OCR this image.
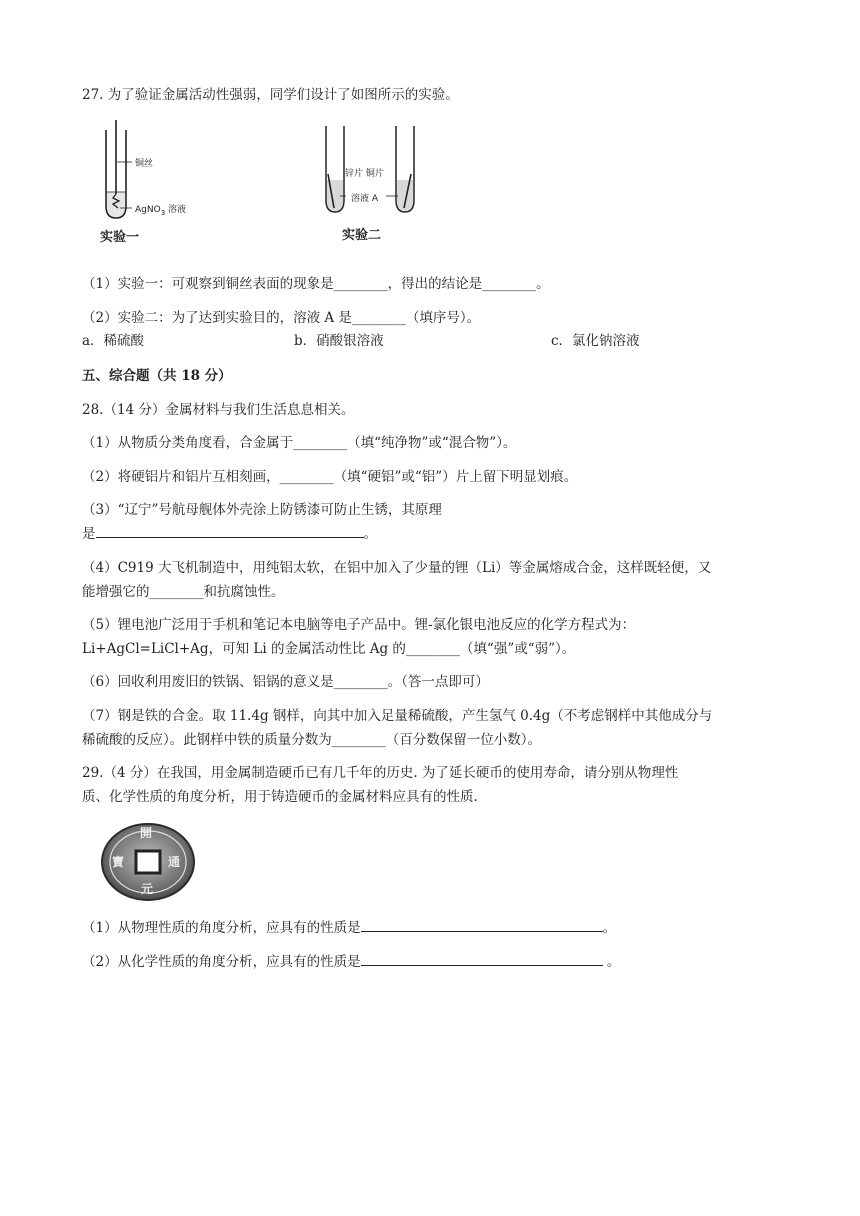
27. 为了验证金属活动性强弱，同学们设计了如图所示的实验。
铜丝
AgNO$_3$ 溶液
实验一
锌片 铜片
溶液 A
实验二
（1）实验一：可观察到铜丝表面的现象是________，得出的结论是________。
（2）实验二：为了达到实验目的，溶液 A 是________（填序号）。
a．稀硫酸	b．硝酸银溶液	c．氯化钠溶液
五、综合题（共 18 分）
28.（14 分）金属材料与我们生活息息相关。
（1）从物质分类角度看，合金属于________（填“纯净物”或“混合物”）。
（2）将硬铝片和铝片互相刻画，________（填“硬铝”或“铝”）片上留下明显划痕。
（3）“辽宁”号航母舰体外壳涂上防锈漆可防止生锈，其原理
是	。
（4）C919 大飞机制造中，用纯铝太软，在铝中加入了少量的锂（Li）等金属熔成合金，这样既轻便，又
能增强它的________和抗腐蚀性。
（5）锂电池广泛用于手机和笔记本电脑等电子产品中。锂-氯化银电池反应的化学方程式为：
Li+AgCl=LiCl+Ag，可知 Li 的金属活动性比 Ag 的________（填“强”或“弱”）。
（6）回收利用废旧的铁锅、铝锅的意义是________。（答一点即可）
（7）钢是铁的合金。取 11.4g 钢样，向其中加入足量稀硫酸，产生氢气 0.4g（不考虑钢样中其他成分与
稀硫酸的反应）。此钢样中铁的质量分数为________（百分数保留一位小数）。
29.（4 分）在我国，用金属制造硬币已有几千年的历史. 为了延长硬币的使用寿命，请分别从物理性
质、化学性质的角度分析，用于铸造硬币的金属材料应具有的性质.
開
通
元
寶
（1）从物理性质的角度分析，应具有的性质是	。
（2）从化学性质的角度分析，应具有的性质是	。
